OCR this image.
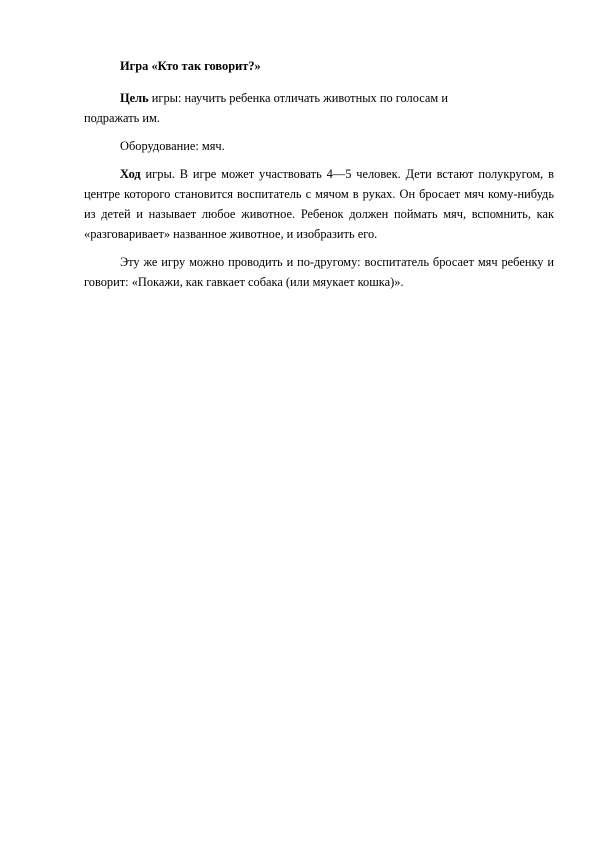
Игра «Кто так говорит?»

Цель игры: научить ребенка отличать животных по голосам и
подражать им.

Оборудование: мяч.

Ход игры. В игре может участвовать 4—5 человек. Дети встают полукругом, в центре которого становится воспитатель с мячом в руках. Он бросает мяч кому-нибудь из детей и называет любое животное. Ребенок должен поймать мяч, вспомнить, как «разговаривает» названное животное, и изобразить его.

Эту же игру можно проводить и по-другому: воспитатель бросает мяч ребенку и говорит: «Покажи, как гавкает собака (или мяукает кошка)».
